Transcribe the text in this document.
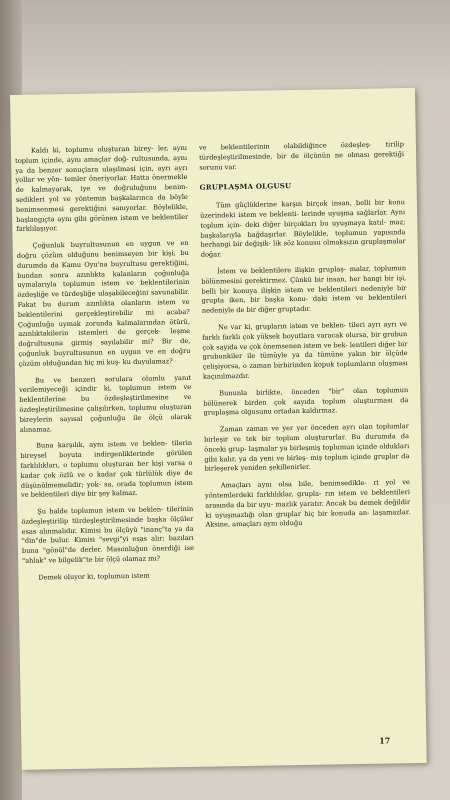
Kaldı ki, toplumu oluşturan birey- ler, aynı toplum içinde, aynı amaçlar doğ- rultusunda, aynı ya da benzer sonuçlara ulaşılmasi için, ayrı ayrı yollar ve yön- temler öneriyorlar. Hatta önermekle de kalmayarak, iye ve doğruluğunu benim- sedikleri yol ve yöntemin başkalarınca da böyle benimsenmesi gerektiğini sanıyorlar. Böylelikle, başlangıçta aynı gibi görünen istem ve beklentiler farklılaşıyor.

Çoğunluk buyrultusunun en uygun ve en doğru çözüm olduğunu benimseyen bir kişi, bu durumda da Kamu Oyu'na buyrultusu gerektiğini, bundan sonra azınlıkta kalanların çoğunluğa uymalarıyla toplumun istem ve beklentilerinin özdeşliğe ve türdeşliğe ulaşabileceğini savunabilir. Fakat bu durum azınlıkta olanların istem ve beklentilerini gerçekleştirebilir mi acaba? Çoğunluğa uymak zorunda kalmalarından ötürü, azınlıktakilerin istemleri de gerçek- leşme doğrultusuna girmiş sayılabilir mi? Bir de, çoğunluk buyrultusunun en uygun ve en doğru çözüm olduğundan hiç mi kuş- ku duyulamaz?

Bu ve benzeri sorulara olumlu yanıt verilemiyeceği içindir ki, toplumun istem ve beklentilerine bu özdeşleştirilmesine ve özdeşleştirilmesine çalışılırken, toplumu oluşturan bireylerin sayısal çoğunluğu ile ölçü olarak alınamaz.

Buna karşılık, aynı istem ve beklen- tilerin bireysel boyuta indirgenliklerinde görülen farklılıkları, o toplumu oluşturan her kişi varsa o kadar çok özlü ve o kadar çok türlülük diye de düşünülmemelidir; yok- sa, orada toplumun istem ve beklentileri diye bir şey kalmaz.

Şu halde toplumun istem ve beklen- tilerinin özdeşleştirilip türdeşleştirilmesinde başka ölçüler esas alınmalıdır. Kimisi bu ölçüyü "inanç"ta ya da "din"de bulur. Kimisi "sevgi"yi esas alır; bazıları buna "gönül"de derler. Masonluğun önerdiği ise "ahlak" ve bilgelik"te bir ölçü olamaz mı?

Demek oluyor ki, toplumun istem

ve beklentilerinin olabildiğince özdeşleş- tirilip türdeşleştirilmesinde, bir de ölçünün ne olması gerektiği sorunu var.

GRUPLAŞMA OLGUSU

Tüm güçlüklerine karşın birçok insan, belli bir konu üzerindeki istem ve beklenti- lerinde uyuşma sağlarlar. Aynı toplum için- deki diğer birçokları bu uyuşmaya katıl- maz; başkalarıyla bağdaşırlar. Böylelikle, toplumun yapısında herhangi bir değişik- lik söz konusu olmaksızın gruplaşmalar doğar.

İstem ve beklentilere ilişkin gruplaş- malar, toplumun bölünmesini gerektirmez. Çünkü bir insan, her hangi bir işi, belli bir konuya ilişkin istem ve beklentileri nedeniyle bir grupta iken, bir başka konu- daki istem ve beklentileri nedeniyle de bir diğer gruptadır.

Ne var ki, grupların istem ve beklen- tileri ayrı ayrı ve farklı farklı çok yüksek boyutlara varacak olursa, bir grubun çok sayıda ve çok önemsenen istem ve bek- lentileri diğer bir grubunkiler ile tümüyle ya da tümüne yakın bir ölçüde çelişiyorsa, o zaman birbirinden kopuk toplumların oluşması kaçınılmazdır.

Bununla birlikte, önceden "bir" olan toplumun bölünerek birden çok sayıda toplum oluşturması da gruplaşma olgusunu ortadan kaldırmaz.

Zaman zaman ve yer yer önceden ayrı olan toplumlar birleşir ve tek bir toplum oluştururlar. Bu durumda da önceki grup- laşmalar ya birleşmiş toplumun içinde oldukları gibi kalır, ya da yeni ve birleş- miş toplum içinde gruplar da birleşerek yeniden şekillenirler.

Amaçları aynı olsa bile, benimsedikle- ri yol ve yöntemlerdeki farklılıklar, grupla- rın istem ve beklentileri arasında da bir uyu- mazlık yaratır. Ancak bu demek değildir ki uyuşmazlığı olan gruplar hiç bir konuda an- laşamazlar. Aksine, amaçları aynı olduğu

17
